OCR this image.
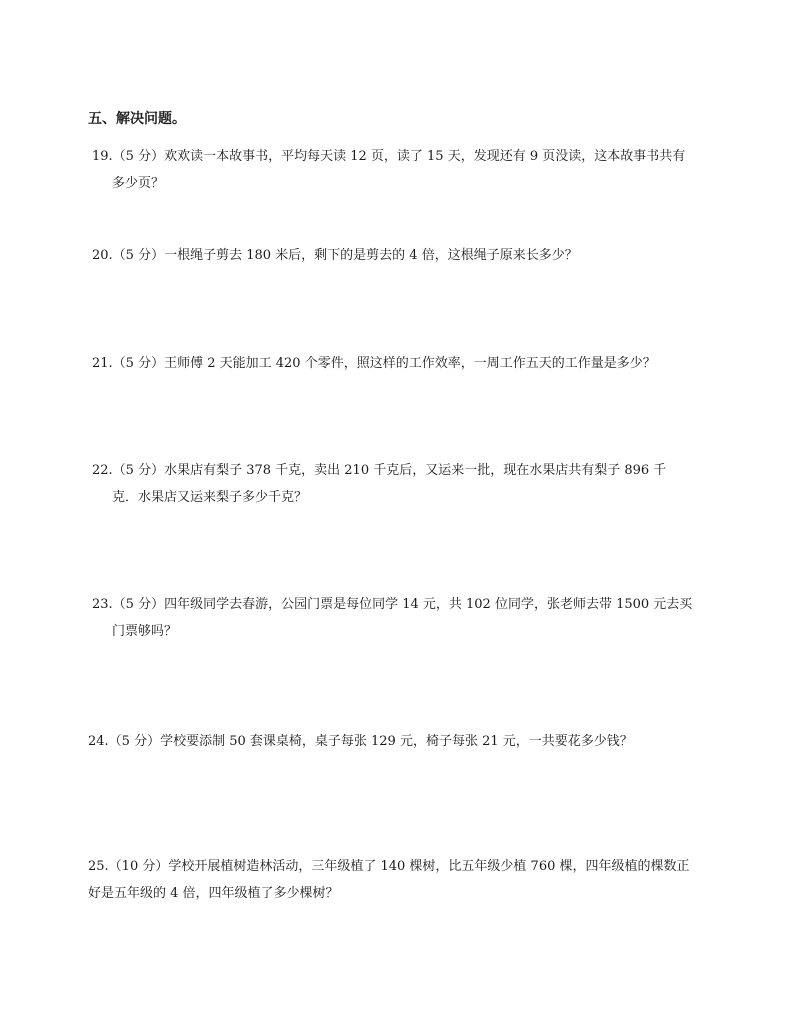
五、解决问题。
19.（5 分）欢欢读一本故事书，平均每天读 12 页，读了 15 天，发现还有 9 页没读，这本故事书共有
多少页？
20.（5 分）一根绳子剪去 180 米后，剩下的是剪去的 4 倍，这根绳子原来长多少？
21.（5 分）王师傅 2 天能加工 420 个零件，照这样的工作效率，一周工作五天的工作量是多少？
22.（5 分）水果店有梨子 378 千克，卖出 210 千克后，又运来一批，现在水果店共有梨子 896 千
克．水果店又运来梨子多少千克？
23.（5 分）四年级同学去春游，公园门票是每位同学 14 元，共 102 位同学，张老师去带 1500 元去买
门票够吗？
24.（5 分）学校要添制 50 套课桌椅，桌子每张 129 元，椅子每张 21 元，一共要花多少钱？
25.（10 分）学校开展植树造林活动，三年级植了 140 棵树，比五年级少植 760 棵，四年级植的棵数正
好是五年级的 4 倍，四年级植了多少棵树？
